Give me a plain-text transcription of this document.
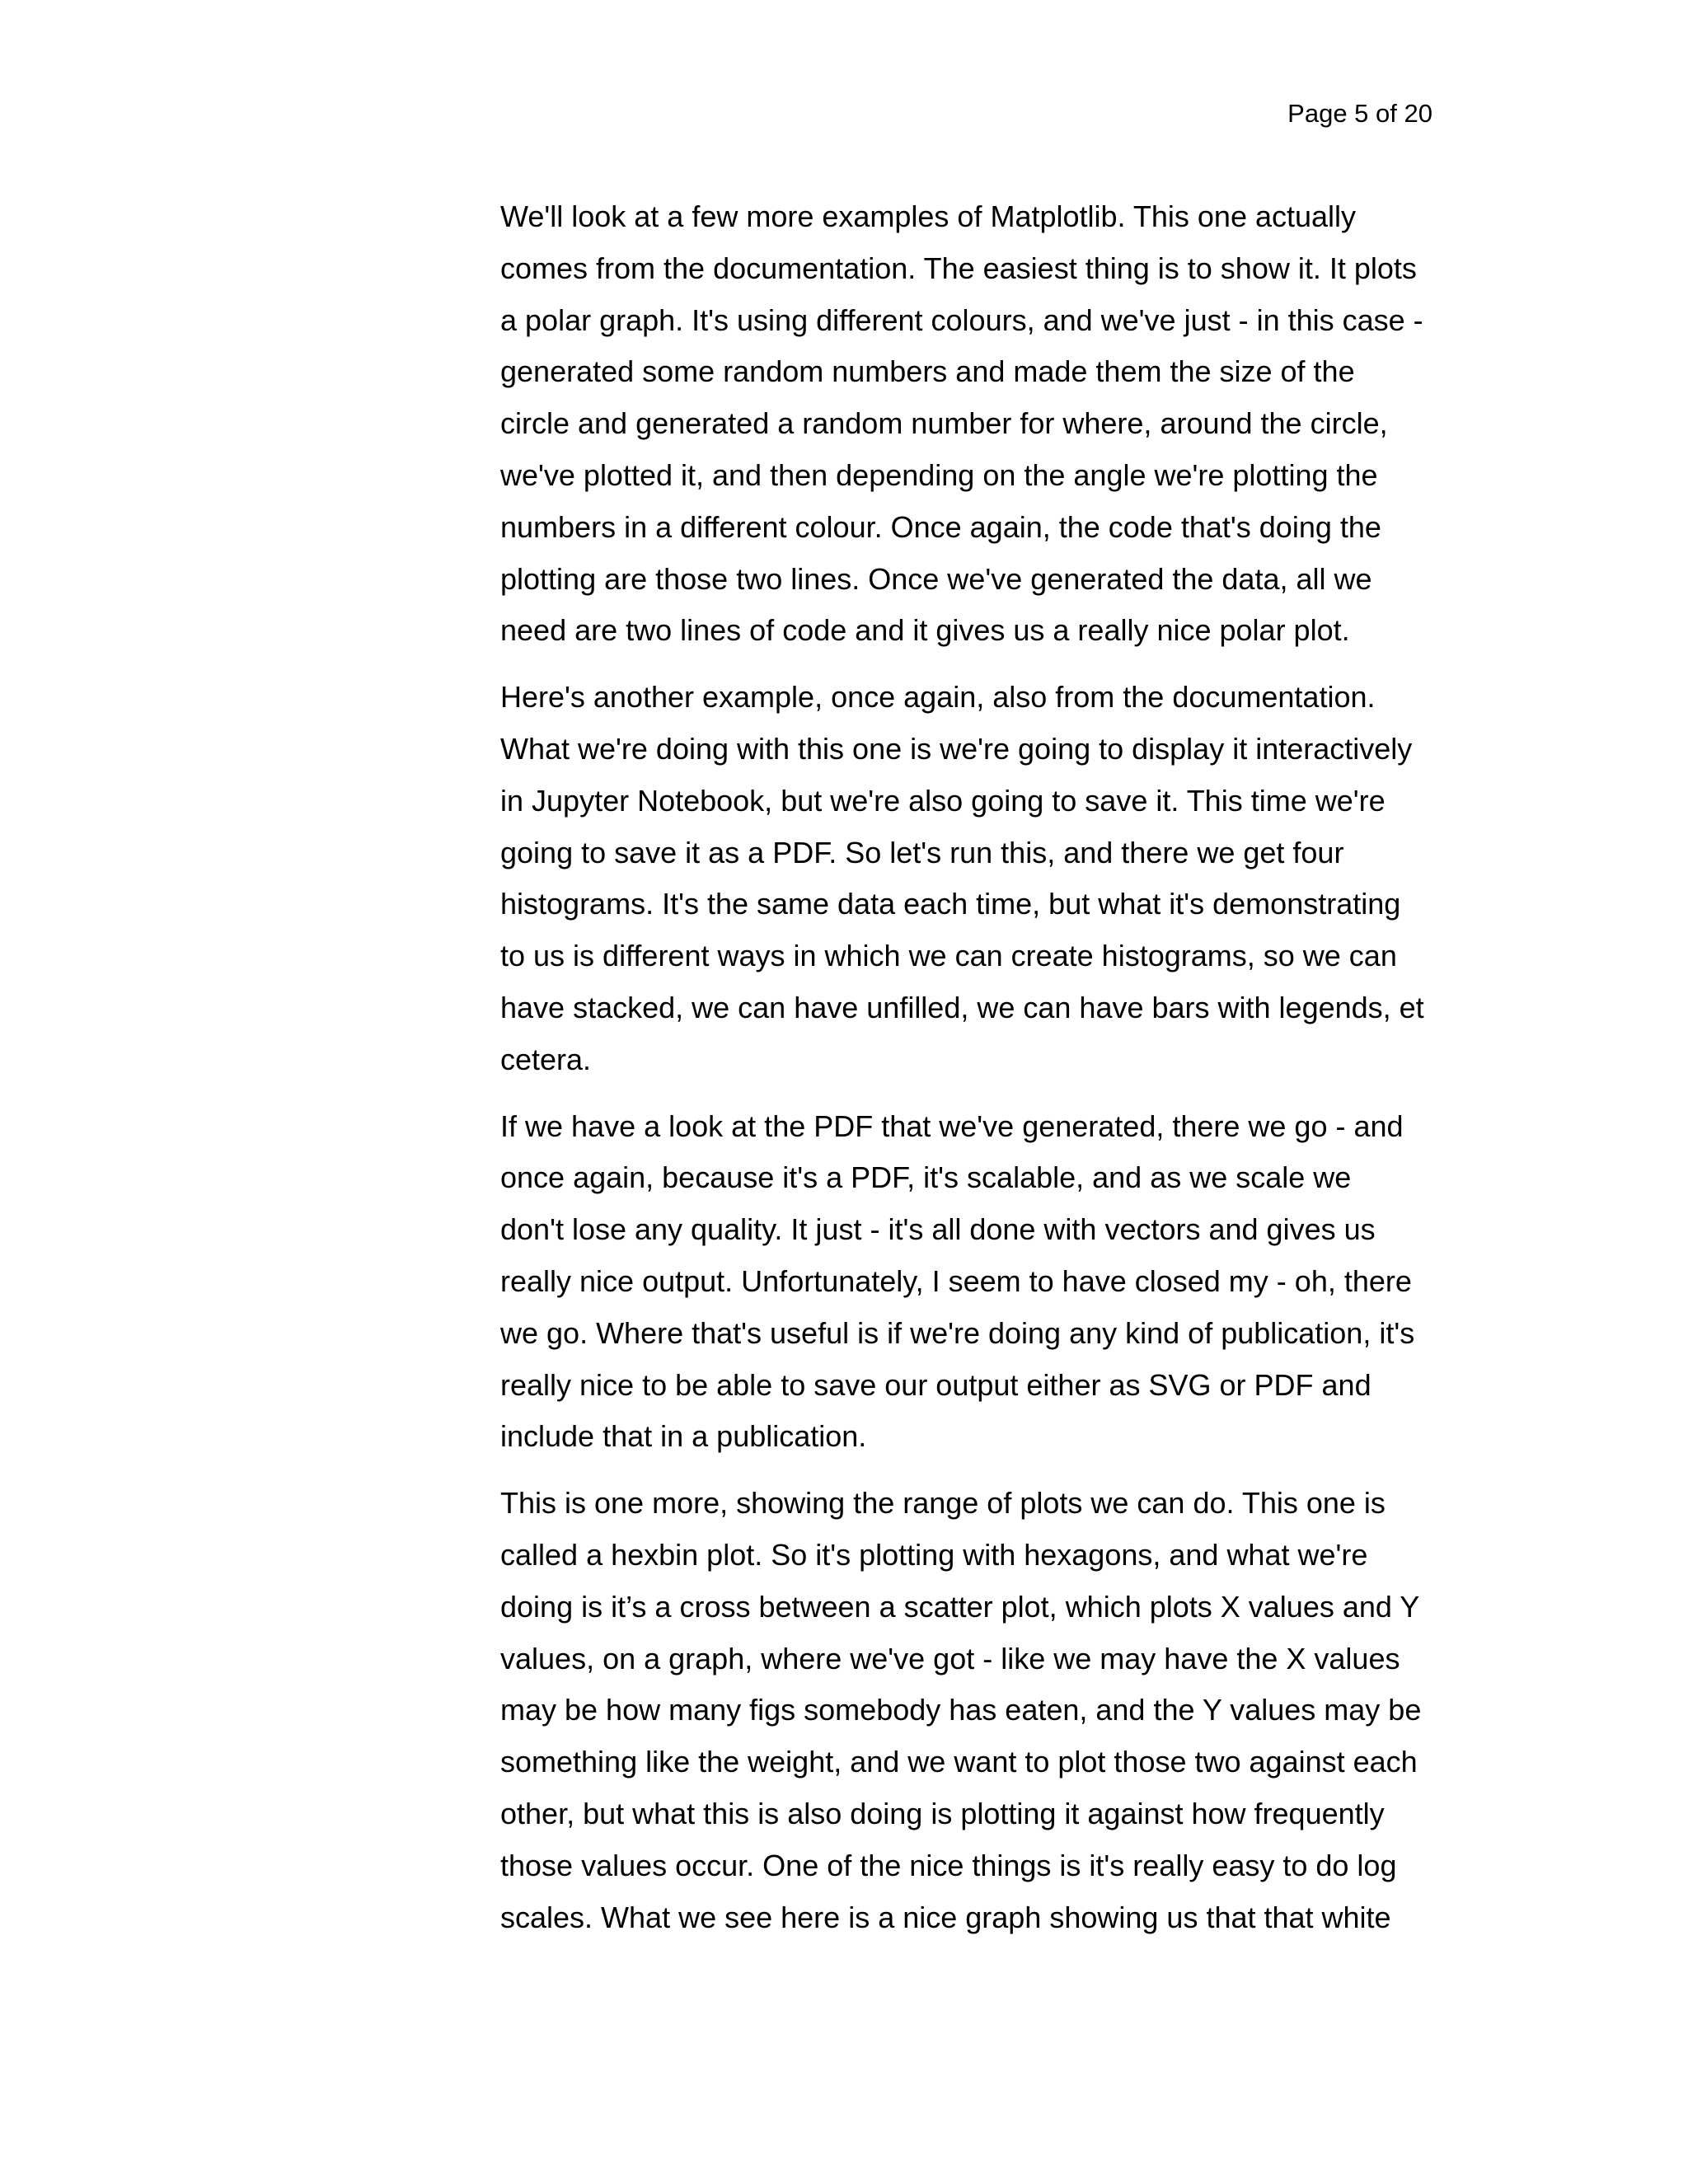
Page 5 of 20
We'll look at a few more examples of Matplotlib. This one actually
comes from the documentation. The easiest thing is to show it. It plots
a polar graph. It's using different colours, and we've just - in this case -
generated some random numbers and made them the size of the
circle and generated a random number for where, around the circle,
we've plotted it, and then depending on the angle we're plotting the
numbers in a different colour. Once again, the code that's doing the
plotting are those two lines. Once we've generated the data, all we
need are two lines of code and it gives us a really nice polar plot.
Here's another example, once again, also from the documentation.
What we're doing with this one is we're going to display it interactively
in Jupyter Notebook, but we're also going to save it. This time we're
going to save it as a PDF. So let's run this, and there we get four
histograms. It's the same data each time, but what it's demonstrating
to us is different ways in which we can create histograms, so we can
have stacked, we can have unfilled, we can have bars with legends, et
cetera.
If we have a look at the PDF that we've generated, there we go - and
once again, because it's a PDF, it's scalable, and as we scale we
don't lose any quality. It just - it's all done with vectors and gives us
really nice output. Unfortunately, I seem to have closed my - oh, there
we go. Where that's useful is if we're doing any kind of publication, it's
really nice to be able to save our output either as SVG or PDF and
include that in a publication.
This is one more, showing the range of plots we can do. This one is
called a hexbin plot. So it's plotting with hexagons, and what we're
doing is it’s a cross between a scatter plot, which plots X values and Y
values, on a graph, where we've got - like we may have the X values
may be how many figs somebody has eaten, and the Y values may be
something like the weight, and we want to plot those two against each
other, but what this is also doing is plotting it against how frequently
those values occur. One of the nice things is it's really easy to do log
scales. What we see here is a nice graph showing us that that white
